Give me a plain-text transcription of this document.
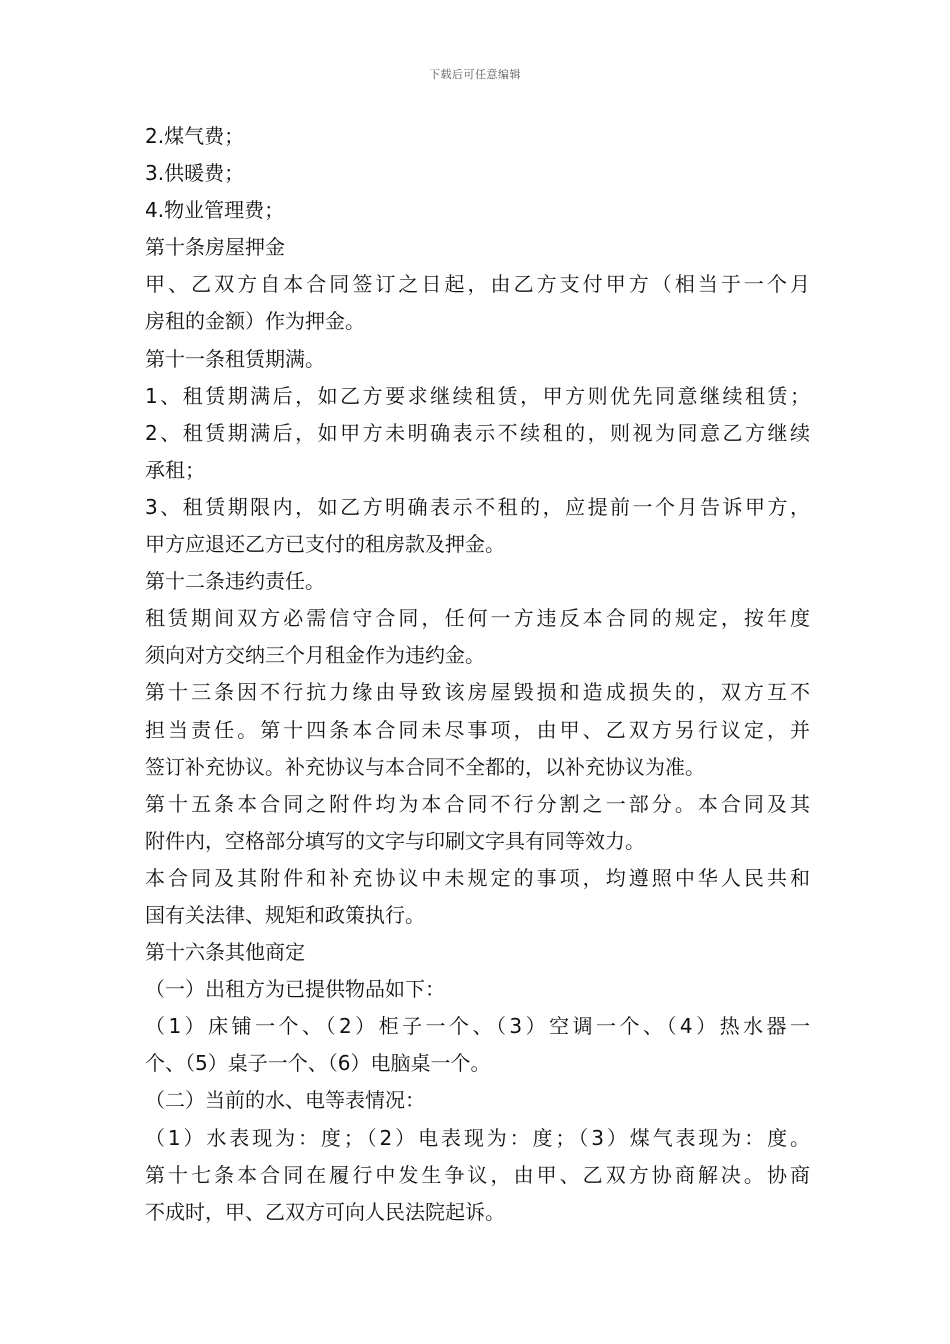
下载后可任意编辑
2.煤气费；
3.供暖费；
4.物业管理费；
第十条房屋押金
甲、乙双方自本合同签订之日起，由乙方支付甲方（相当于一个月
房租的金额）作为押金。
第十一条租赁期满。
1、租赁期满后，如乙方要求继续租赁，甲方则优先同意继续租赁；
2、租赁期满后，如甲方未明确表示不续租的，则视为同意乙方继续
承租；
3、租赁期限内，如乙方明确表示不租的，应提前一个月告诉甲方，
甲方应退还乙方已支付的租房款及押金。
第十二条违约责任。
租赁期间双方必需信守合同，任何一方违反本合同的规定，按年度
须向对方交纳三个月租金作为违约金。
第十三条因不行抗力缘由导致该房屋毁损和造成损失的，双方互不
担当责任。第十四条本合同未尽事项，由甲、乙双方另行议定，并
签订补充协议。补充协议与本合同不全都的，以补充协议为准。
第十五条本合同之附件均为本合同不行分割之一部分。本合同及其
附件内，空格部分填写的文字与印刷文字具有同等效力。
本合同及其附件和补充协议中未规定的事项，均遵照中华人民共和
国有关法律、规矩和政策执行。
第十六条其他商定
（一）出租方为已提供物品如下：
（1）床铺一个、（2）柜子一个、（3）空调一个、（4）热水器一
个、（5）桌子一个、（6）电脑桌一个。
（二）当前的水、电等表情况：
（1）水表现为：度；（2）电表现为：度；（3）煤气表现为：度。
第十七条本合同在履行中发生争议，由甲、乙双方协商解决。协商
不成时，甲、乙双方可向人民法院起诉。
